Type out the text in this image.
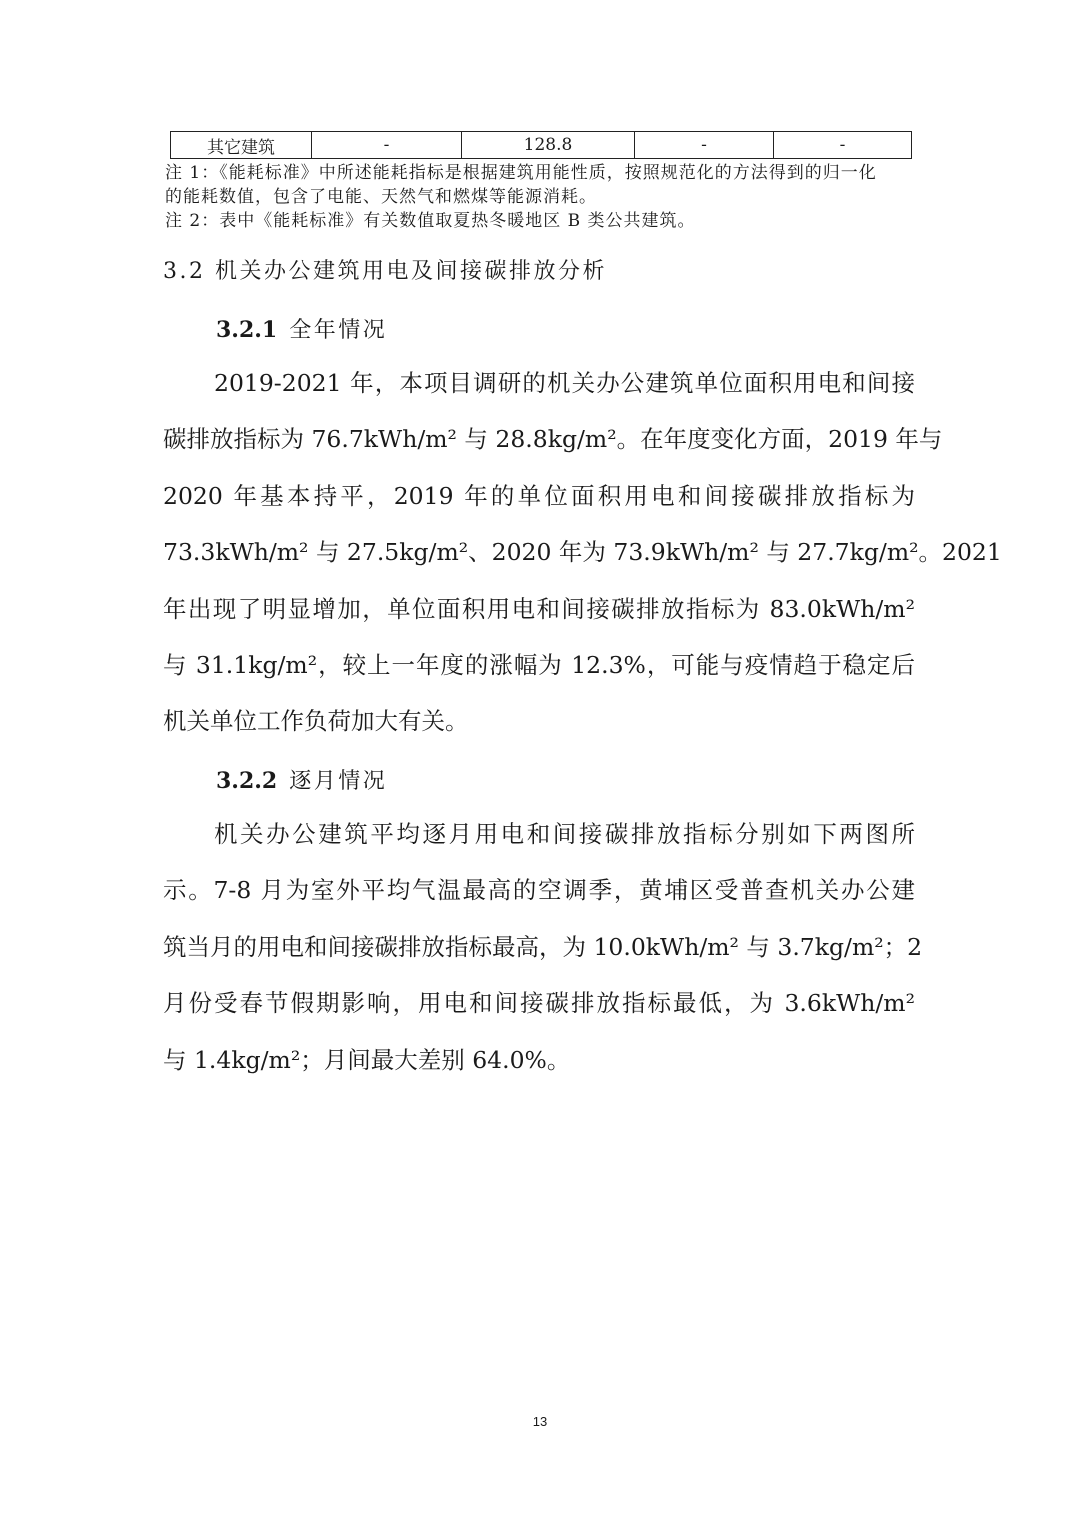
其它建筑	-	128.8	-	-
注 1：《能耗标准》中所述能耗指标是根据建筑用能性质，按照规范化的方法得到的归一化
的能耗数值，包含了电能、天然气和燃煤等能源消耗。
注 2：表中《能耗标准》有关数值取夏热冬暖地区 B 类公共建筑。
3.2 机关办公建筑用电及间接碳排放分析
3.2.1 全年情况
2019-2021 年，本项目调研的机关办公建筑单位面积用电和间接
碳排放指标为 76.7kWh/m² 与 28.8kg/m²。在年度变化方面，2019 年与
2020 年基本持平，2019 年的单位面积用电和间接碳排放指标为
73.3kWh/m² 与 27.5kg/m²、2020 年为 73.9kWh/m² 与 27.7kg/m²。2021
年出现了明显增加，单位面积用电和间接碳排放指标为 83.0kWh/m²
与 31.1kg/m²，较上一年度的涨幅为 12.3%，可能与疫情趋于稳定后
机关单位工作负荷加大有关。
3.2.2 逐月情况
机关办公建筑平均逐月用电和间接碳排放指标分别如下两图所
示。7-8 月为室外平均气温最高的空调季，黄埔区受普查机关办公建
筑当月的用电和间接碳排放指标最高，为 10.0kWh/m² 与 3.7kg/m²；2
月份受春节假期影响，用电和间接碳排放指标最低，为 3.6kWh/m²
与 1.4kg/m²；月间最大差别 64.0%。
13
